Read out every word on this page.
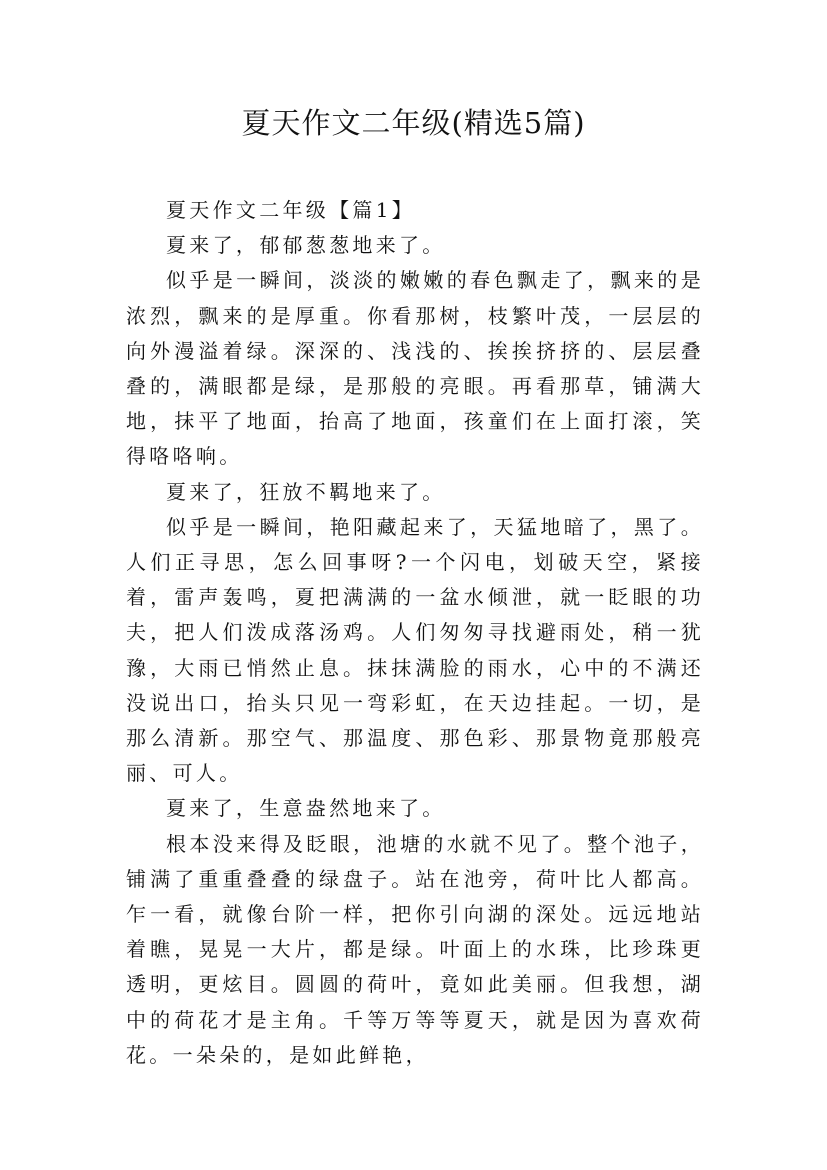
夏天作文二年级(精选5篇)

夏天作文二年级【篇1】

夏来了，郁郁葱葱地来了。

似乎是一瞬间，淡淡的嫩嫩的春色飘走了，飘来的是浓烈，飘来的是厚重。你看那树，枝繁叶茂，一层层的向外漫溢着绿。深深的、浅浅的、挨挨挤挤的、层层叠叠的，满眼都是绿，是那般的亮眼。再看那草，铺满大地，抹平了地面，抬高了地面，孩童们在上面打滚，笑得咯咯响。

夏来了，狂放不羁地来了。

似乎是一瞬间，艳阳藏起来了，天猛地暗了，黑了。人们正寻思，怎么回事呀?一个闪电，划破天空，紧接着，雷声轰鸣，夏把满满的一盆水倾泄，就一眨眼的功夫，把人们泼成落汤鸡。人们匆匆寻找避雨处，稍一犹豫，大雨已悄然止息。抹抹满脸的雨水，心中的不满还没说出口，抬头只见一弯彩虹，在天边挂起。一切，是那么清新。那空气、那温度、那色彩、那景物竟那般亮丽、可人。

夏来了，生意盎然地来了。

根本没来得及眨眼，池塘的水就不见了。整个池子，铺满了重重叠叠的绿盘子。站在池旁，荷叶比人都高。乍一看，就像台阶一样，把你引向湖的深处。远远地站着瞧，晃晃一大片，都是绿。叶面上的水珠，比珍珠更透明，更炫目。圆圆的荷叶，竟如此美丽。但我想，湖中的荷花才是主角。千等万等等夏天，就是因为喜欢荷花。一朵朵的，是如此鲜艳，
